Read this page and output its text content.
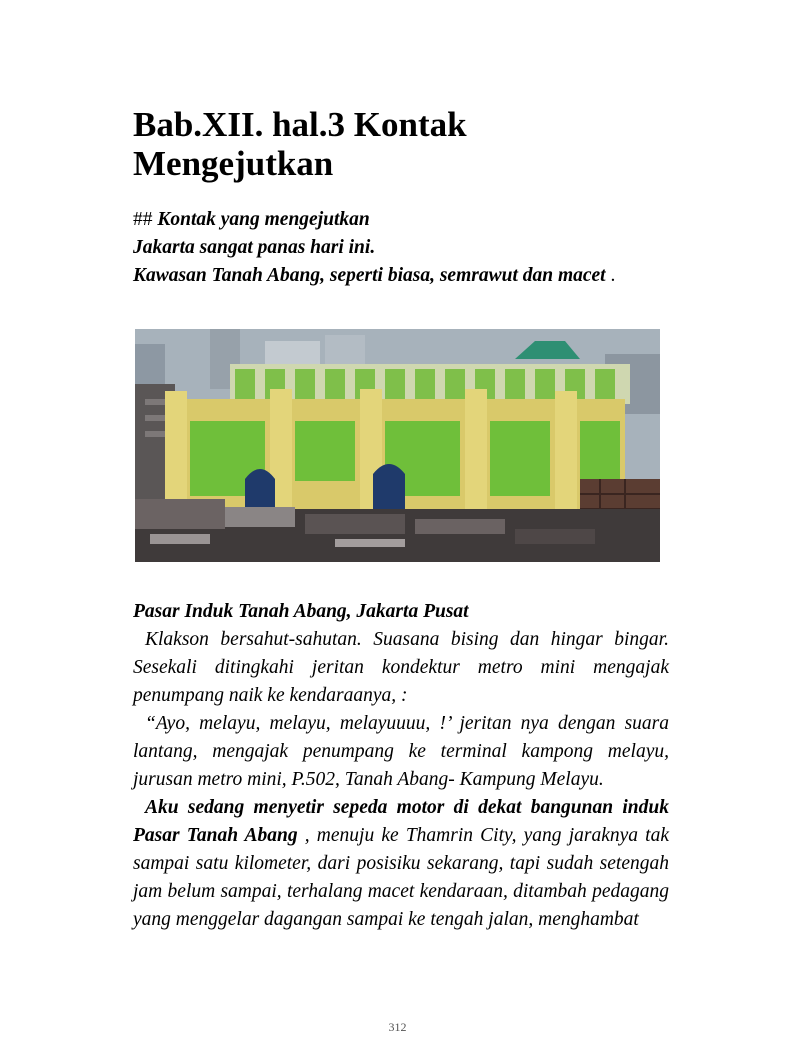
Bab.XII. hal.3 Kontak
Mengejutkan

## Kontak yang mengejutkan

Jakarta sangat panas hari ini.

Kawasan Tanah Abang, seperti biasa, semrawut dan macet .

Pasar Induk Tanah Abang, Jakarta Pusat

Klakson bersahut-sahutan. Suasana bising dan hingar bingar. Sesekali ditingkahi jeritan kondektur metro mini mengajak penumpang naik ke kendaraanya, :

“Ayo, melayu, melayu, melayuuuu, !’ jeritan nya dengan suara lantang, mengajak penumpang ke terminal kampong melayu, jurusan metro mini, P.502, Tanah Abang- Kampung Melayu.

Aku sedang menyetir sepeda motor di dekat bangunan induk Pasar Tanah Abang , menuju ke Thamrin City, yang jaraknya tak sampai satu kilometer, dari posisiku sekarang, tapi sudah setengah jam belum sampai, terhalang macet kendaraan, ditambah pedagang yang menggelar dagangan sampai ke tengah jalan, menghambat

312
